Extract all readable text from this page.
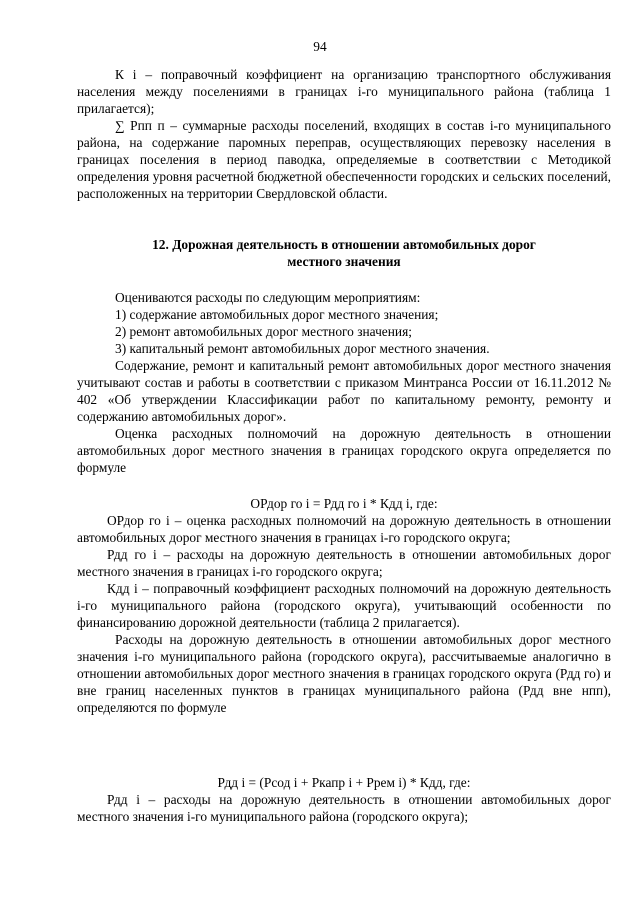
94

К i – поправочный коэффициент на организацию транспортного обслуживания населения между поселениями в границах i-го муниципального района (таблица 1 прилагается);

∑ Рпп п – суммарные расходы поселений, входящих в состав i-го муниципального района, на содержание паромных переправ, осуществляющих перевозку населения в границах поселения в период паводка, определяемые в соответствии с Методикой определения уровня расчетной бюджетной обеспеченности городских и сельских поселений, расположенных на территории Свердловской области.

12. Дорожная деятельность в отношении автомобильных дорог

местного значения

Оцениваются расходы по следующим мероприятиям:

1) содержание автомобильных дорог местного значения;

2) ремонт автомобильных дорог местного значения;

3) капитальный ремонт автомобильных дорог местного значения.

Содержание, ремонт и капитальный ремонт автомобильных дорог местного значения учитывают состав и работы в соответствии с приказом Минтранса России от 16.11.2012 № 402 «Об утверждении Классификации работ по капитальному ремонту, ремонту и содержанию автомобильных дорог».

Оценка расходных полномочий на дорожную деятельность в отношении автомобильных дорог местного значения в границах городского округа определяется по формуле

ОРдор го i = Рдд го i * Кдд i, где:

ОРдор го i – оценка расходных полномочий на дорожную деятельность в отношении автомобильных дорог местного значения в границах i-го городского округа;

Рдд го i – расходы на дорожную деятельность в отношении автомобильных дорог местного значения в границах i-го городского округа;

Кдд i – поправочный коэффициент расходных полномочий на дорожную деятельность i-го муниципального района (городского округа), учитывающий особенности по финансированию дорожной деятельности (таблица 2 прилагается).

Расходы на дорожную деятельность в отношении автомобильных дорог местного значения i-го муниципального района (городского округа), рассчитываемые аналогично в отношении автомобильных дорог местного значения в границах городского округа (Рдд го) и вне границ населенных пунктов в границах муниципального района (Рдд вне нпп), определяются по формуле

Рдд i = (Рсод i + Ркапр i + Ррем i) * Кдд, где:

Рдд i – расходы на дорожную деятельность в отношении автомобильных дорог местного значения i-го муниципального района (городского округа);
